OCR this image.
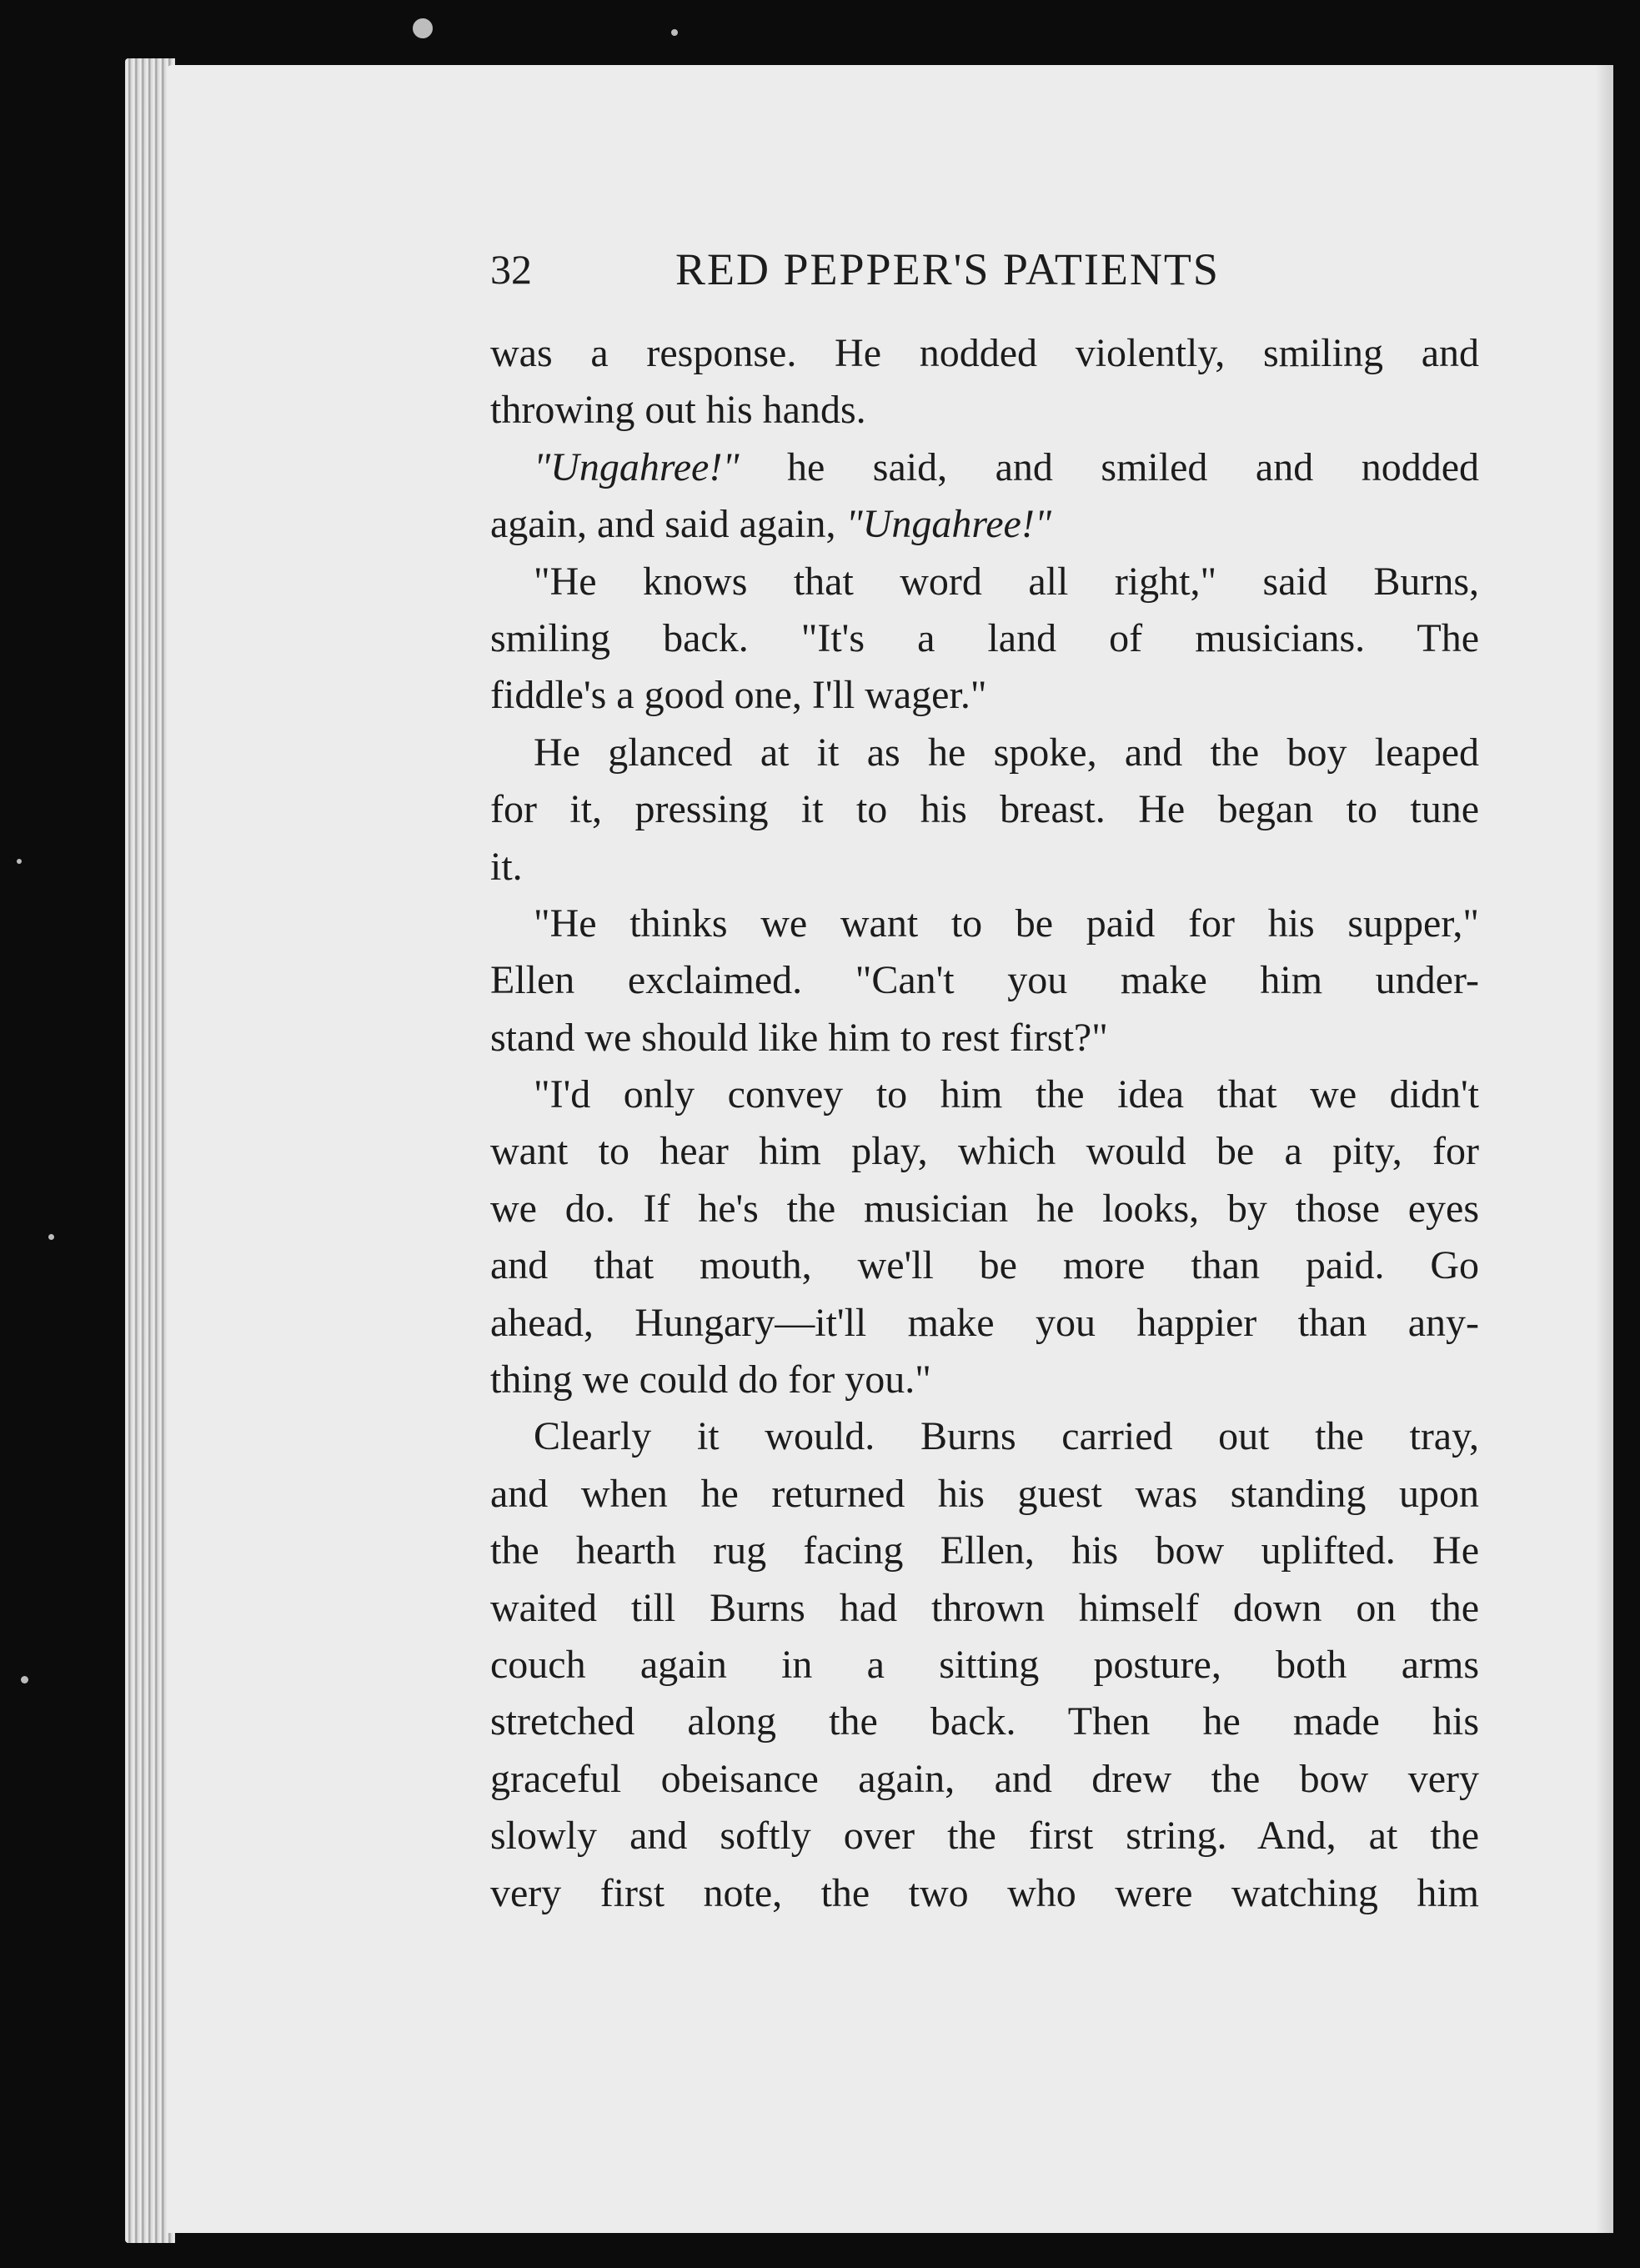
32	RED PEPPER'S PATIENTS
was a response. He nodded violently, smiling and
throwing out his hands.
"Ungahree!" he said, and smiled and nodded
again, and said again, "Ungahree!"
"He knows that word all right," said Burns,
smiling back. "It's a land of musicians. The
fiddle's a good one, I'll wager."
He glanced at it as he spoke, and the boy leaped
for it, pressing it to his breast. He began to tune
it.
"He thinks we want to be paid for his supper,"
Ellen exclaimed. "Can't you make him under-
stand we should like him to rest first?"
"I'd only convey to him the idea that we didn't
want to hear him play, which would be a pity, for
we do. If he's the musician he looks, by those eyes
and that mouth, we'll be more than paid. Go
ahead, Hungary—it'll make you happier than any-
thing we could do for you."
Clearly it would. Burns carried out the tray,
and when he returned his guest was standing upon
the hearth rug facing Ellen, his bow uplifted. He
waited till Burns had thrown himself down on the
couch again in a sitting posture, both arms
stretched along the back. Then he made his
graceful obeisance again, and drew the bow very
slowly and softly over the first string. And, at the
very first note, the two who were watching him
